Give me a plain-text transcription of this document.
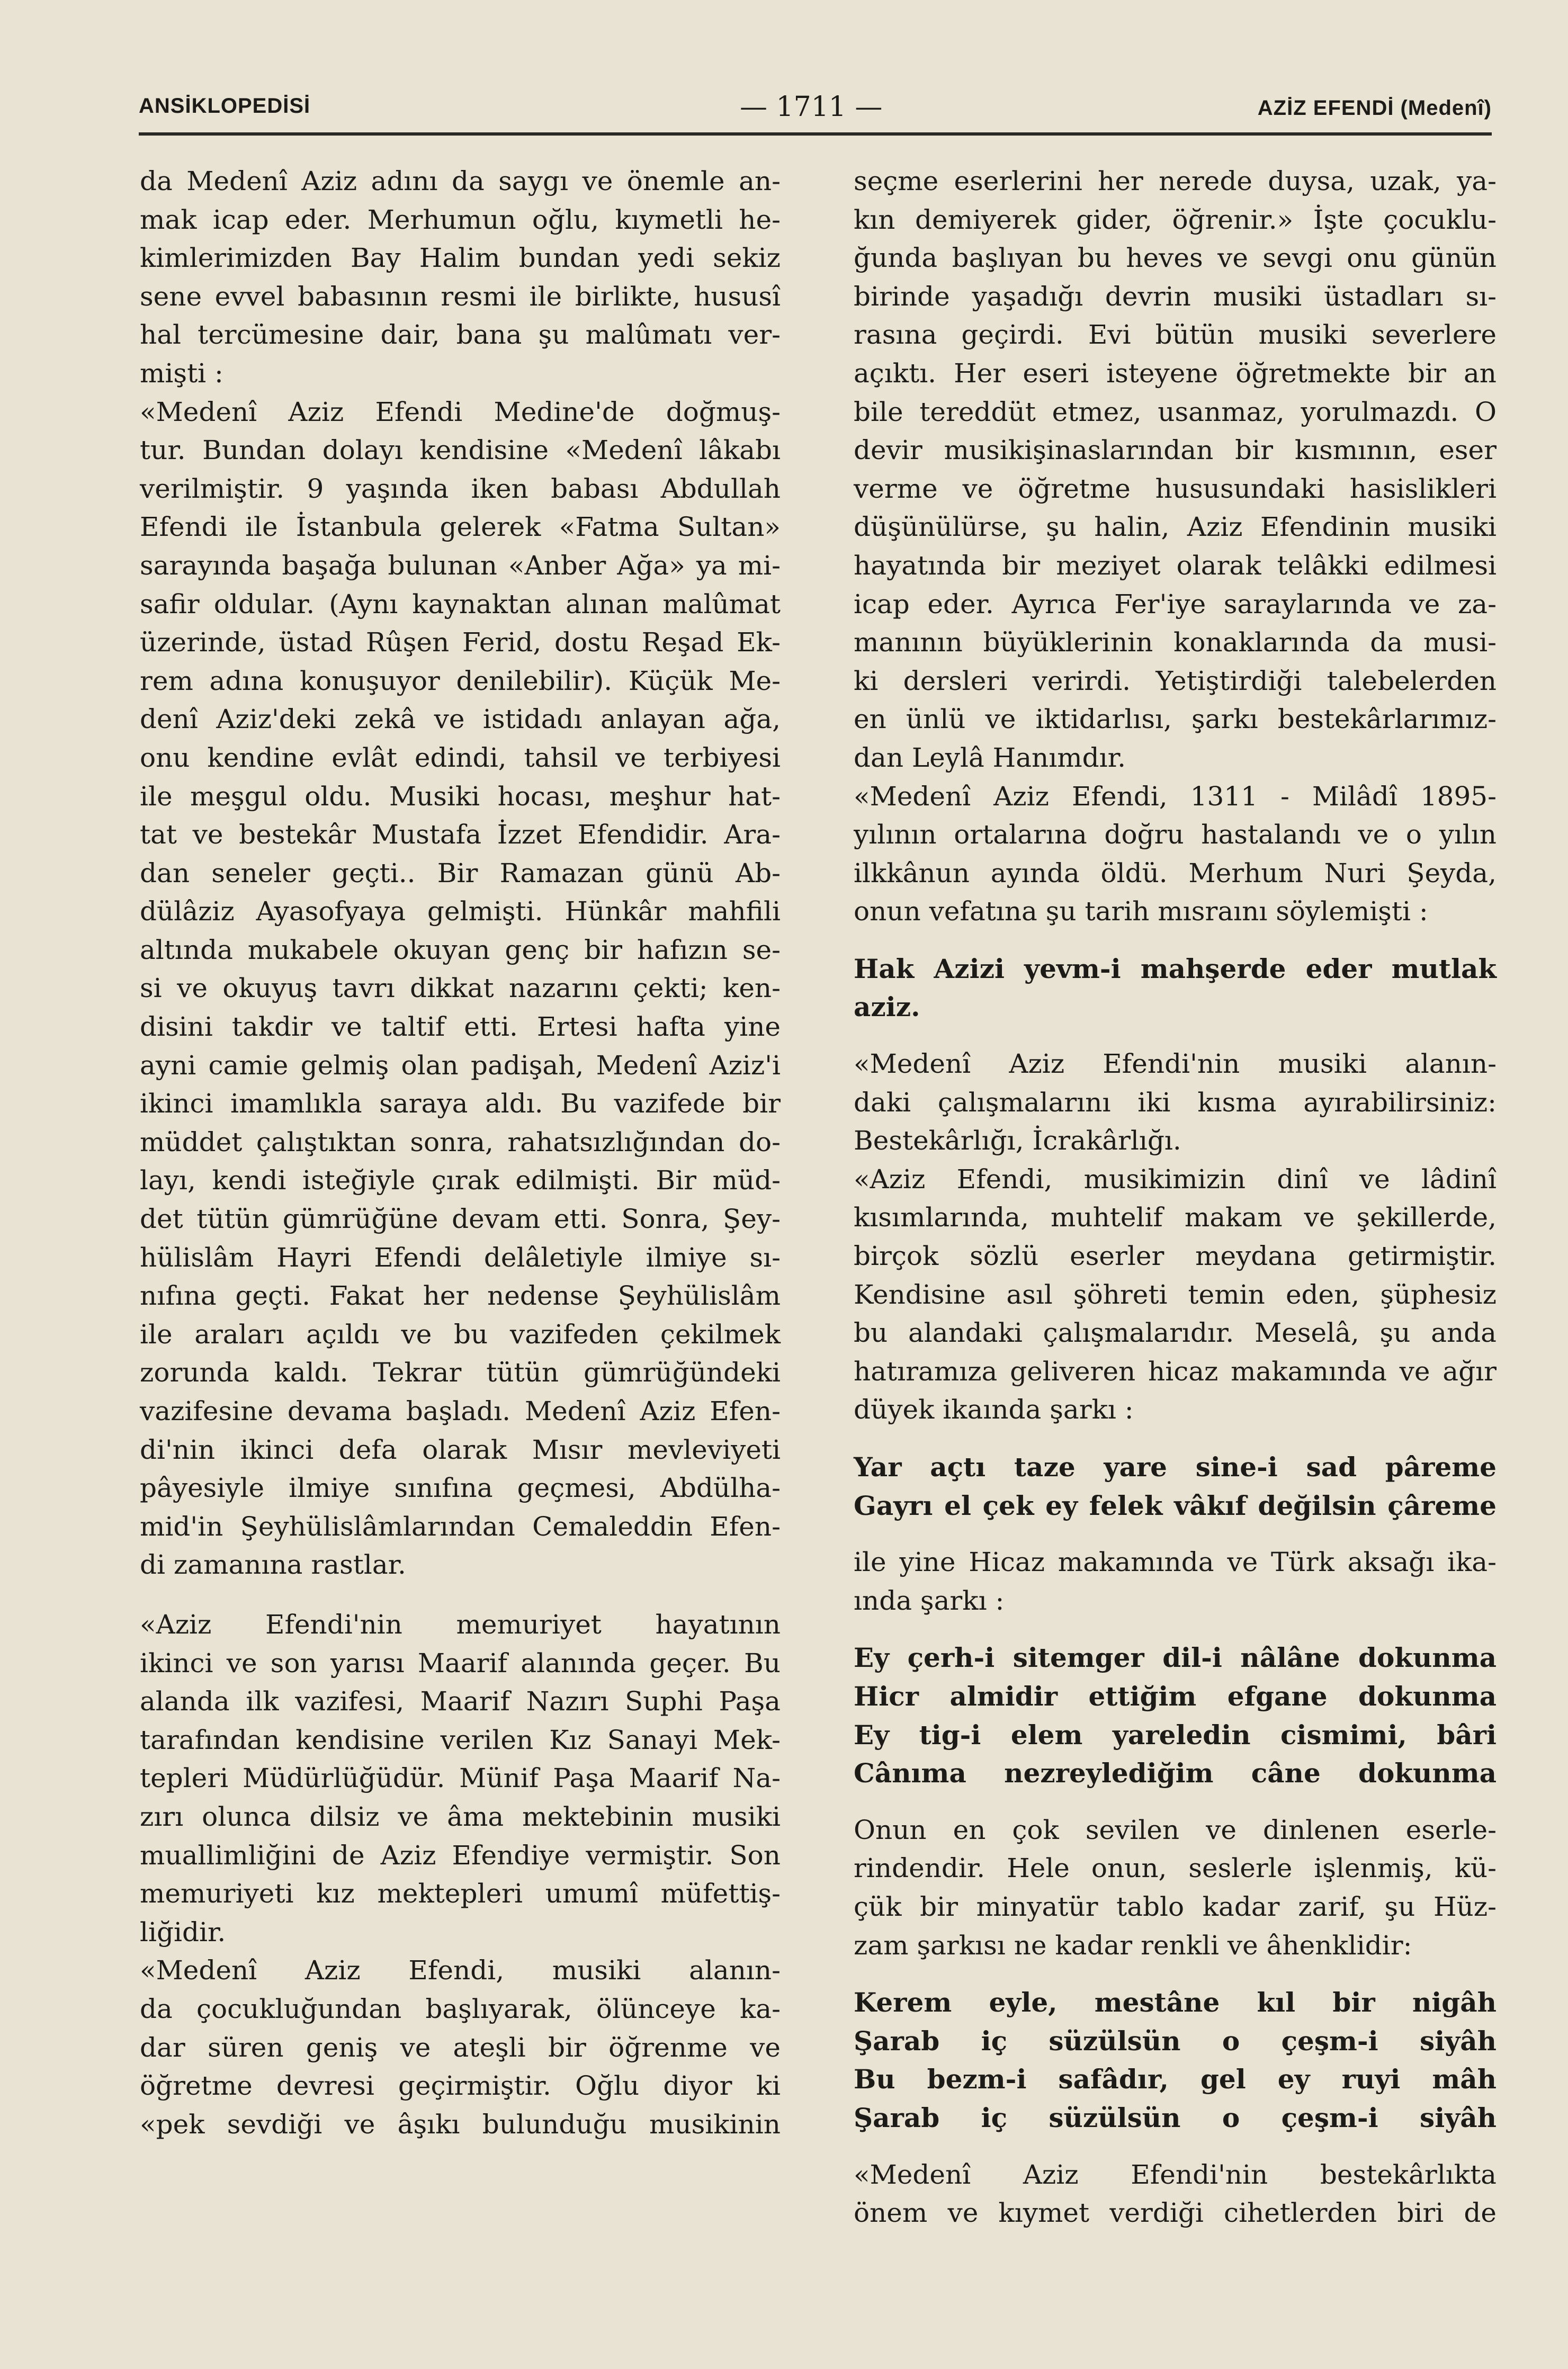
ANSİKLOPEDİSİ	— 1711 —	AZİZ EFENDİ (Medenî)

da Medenî Aziz adını da saygı ve önemle an-

mak icap eder. Merhumun oğlu, kıymetli he-

kimlerimizden Bay Halim bundan yedi sekiz

sene evvel babasının resmi ile birlikte, hususî

hal tercümesine dair, bana şu malûmatı ver-

mişti :

«Medenî Aziz Efendi Medine'de doğmuş-

tur. Bundan dolayı kendisine «Medenî lâkabı

verilmiştir. 9 yaşında iken babası Abdullah

Efendi ile İstanbula gelerek «Fatma Sultan»

sarayında başağa bulunan «Anber Ağa» ya mi-

safir oldular. (Aynı kaynaktan alınan malûmat

üzerinde, üstad Rûşen Ferid, dostu Reşad Ek-

rem adına konuşuyor denilebilir). Küçük Me-

denî Aziz'deki zekâ ve istidadı anlayan ağa,

onu kendine evlât edindi, tahsil ve terbiyesi

ile meşgul oldu. Musiki hocası, meşhur hat-

tat ve bestekâr Mustafa İzzet Efendidir. Ara-

dan seneler geçti.. Bir Ramazan günü Ab-

dülâziz Ayasofyaya gelmişti. Hünkâr mahfili

altında mukabele okuyan genç bir hafızın se-

si ve okuyuş tavrı dikkat nazarını çekti; ken-

disini takdir ve taltif etti. Ertesi hafta yine

ayni camie gelmiş olan padişah, Medenî Aziz'i

ikinci imamlıkla saraya aldı. Bu vazifede bir

müddet çalıştıktan sonra, rahatsızlığından do-

layı, kendi isteğiyle çırak edilmişti. Bir müd-

det tütün gümrüğüne devam etti. Sonra, Şey-

hülislâm Hayri Efendi delâletiyle ilmiye sı-

nıfına geçti. Fakat her nedense Şeyhülislâm

ile araları açıldı ve bu vazifeden çekilmek

zorunda kaldı. Tekrar tütün gümrüğündeki

vazifesine devama başladı. Medenî Aziz Efen-

di'nin ikinci defa olarak Mısır mevleviyeti

pâyesiyle ilmiye sınıfına geçmesi, Abdülha-

mid'in Şeyhülislâmlarından Cemaleddin Efen-

di zamanına rastlar.

«Aziz Efendi'nin memuriyet hayatının

ikinci ve son yarısı Maarif alanında geçer. Bu

alanda ilk vazifesi, Maarif Nazırı Suphi Paşa

tarafından kendisine verilen Kız Sanayi Mek-

tepleri Müdürlüğüdür. Münif Paşa Maarif Na-

zırı olunca dilsiz ve âma mektebinin musiki

muallimliğini de Aziz Efendiye vermiştir. Son

memuriyeti kız mektepleri umumî müfettiş-

liğidir.

«Medenî Aziz Efendi, musiki alanın-

da çocukluğundan başlıyarak, ölünceye ka-

dar süren geniş ve ateşli bir öğrenme ve

öğretme devresi geçirmiştir. Oğlu diyor ki

«pek sevdiği ve âşıkı bulunduğu musikinin

seçme eserlerini her nerede duysa, uzak, ya-

kın demiyerek gider, öğrenir.» İşte çocuklu-

ğunda başlıyan bu heves ve sevgi onu günün

birinde yaşadığı devrin musiki üstadları sı-

rasına geçirdi. Evi bütün musiki severlere

açıktı. Her eseri isteyene öğretmekte bir an

bile tereddüt etmez, usanmaz, yorulmazdı. O

devir musikişinaslarından bir kısmının, eser

verme ve öğretme hususundaki hasislikleri

düşünülürse, şu halin, Aziz Efendinin musiki

hayatında bir meziyet olarak telâkki edilmesi

icap eder. Ayrıca Fer'iye saraylarında ve za-

manının büyüklerinin konaklarında da musi-

ki dersleri verirdi. Yetiştirdiği talebelerden

en ünlü ve iktidarlısı, şarkı bestekârlarımız-

dan Leylâ Hanımdır.

«Medenî Aziz Efendi, 1311 - Milâdî 1895-

yılının ortalarına doğru hastalandı ve o yılın

ilkkânun ayında öldü. Merhum Nuri Şeyda,

onun vefatına şu tarih mısraını söylemişti :

Hak Azizi yevm-i mahşerde eder mutlak aziz.

«Medenî Aziz Efendi'nin musiki alanın-

daki çalışmalarını iki kısma ayırabilirsiniz:

Bestekârlığı, İcrakârlığı.

«Aziz Efendi, musikimizin dinî ve lâdinî

kısımlarında, muhtelif makam ve şekillerde,

birçok sözlü eserler meydana getirmiştir.

Kendisine asıl şöhreti temin eden, şüphesiz

bu alandaki çalışmalarıdır. Meselâ, şu anda

hatıramıza geliveren hicaz makamında ve ağır

düyek ikaında şarkı :

Yar açtı taze yare sine-i sad pâreme

Gayrı el çek ey felek vâkıf değilsin çâreme

ile yine Hicaz makamında ve Türk aksağı ika-

ında şarkı :

Ey çerh-i sitemger dil-i nâlâne dokunma

Hicr almidir ettiğim efgane dokunma

Ey tig-i elem yareledin cismimi, bâri

Cânıma nezreylediğim câne dokunma

Onun en çok sevilen ve dinlenen eserle-

rindendir. Hele onun, seslerle işlenmiş, kü-

çük bir minyatür tablo kadar zarif, şu Hüz-

zam şarkısı ne kadar renkli ve âhenklidir:

Kerem eyle, mestâne kıl bir nigâh

Şarab iç süzülsün o çeşm-i siyâh

Bu bezm-i safâdır, gel ey ruyi mâh

Şarab iç süzülsün o çeşm-i siyâh

«Medenî Aziz Efendi'nin bestekârlıkta

önem ve kıymet verdiği cihetlerden biri de
